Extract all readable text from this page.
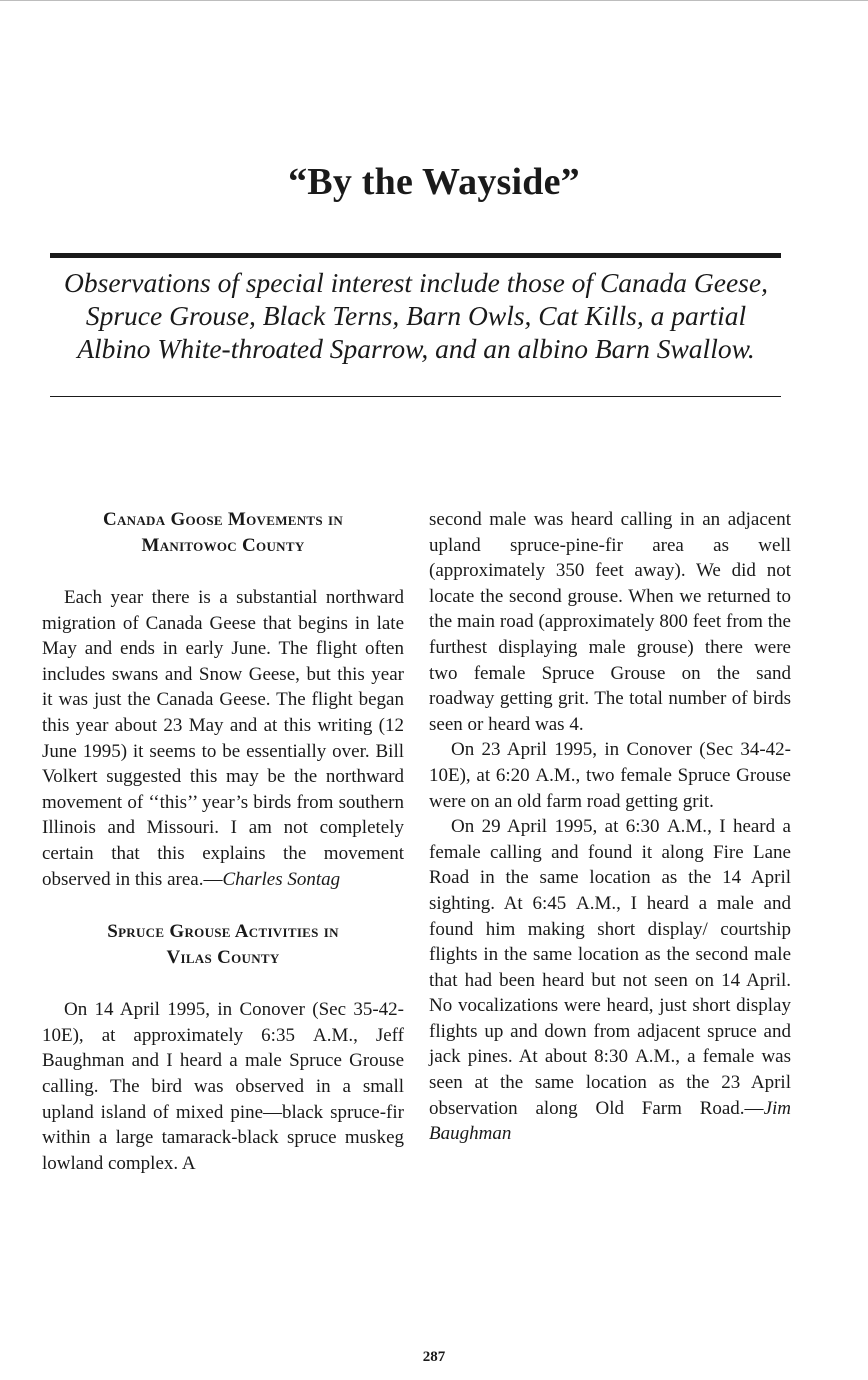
“By the Wayside”
Observations of special interest include those of Canada Geese,
Spruce Grouse, Black Terns, Barn Owls, Cat Kills, a partial
Albino White-throated Sparrow, and an albino Barn Swallow.
Canada Goose Movements in
Manitowoc County

Each year there is a substantial northward migration of Canada Geese that begins in late May and ends in early June. The flight often includes swans and Snow Geese, but this year it was just the Canada Geese. The flight began this year about 23 May and at this writing (12 June 1995) it seems to be essentially over. Bill Volkert suggested this may be the northward movement of ‘‘this’’ year’s birds from southern Illinois and Missouri. I am not completely certain that this explains the movement observed in this area.—Charles Sontag

Spruce Grouse Activities in
Vilas County

On 14 April 1995, in Conover (Sec 35-42-10E), at approximately 6:35 A.M., Jeff Baughman and I heard a male Spruce Grouse calling. The bird was observed in a small upland island of mixed pine—black spruce-fir within a large tamarack-black spruce muskeg lowland complex. A

second male was heard calling in an adjacent upland spruce-pine-fir area as well (approximately 350 feet away). We did not locate the second grouse. When we returned to the main road (approximately 800 feet from the furthest displaying male grouse) there were two female Spruce Grouse on the sand roadway getting grit. The total number of birds seen or heard was 4.

On 23 April 1995, in Conover (Sec 34-42-10E), at 6:20 A.M., two female Spruce Grouse were on an old farm road getting grit.

On 29 April 1995, at 6:30 A.M., I heard a female calling and found it along Fire Lane Road in the same location as the 14 April sighting. At 6:45 A.M., I heard a male and found him making short display/ courtship flights in the same location as the second male that had been heard but not seen on 14 April. No vocalizations were heard, just short display flights up and down from adjacent spruce and jack pines. At about 8:30 A.M., a female was seen at the same location as the 23 April observation along Old Farm Road.—Jim Baughman

287
